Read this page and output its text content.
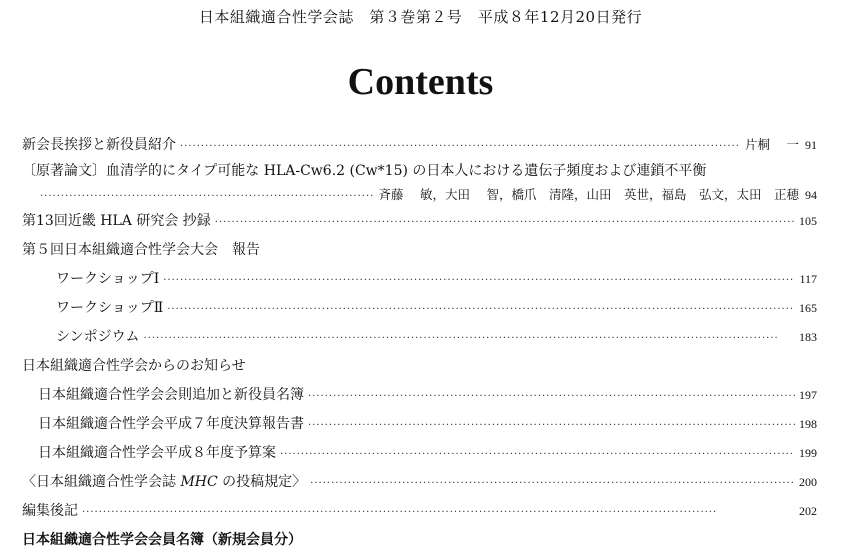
日本組織適合性学会誌　第３巻第２号　平成８年12月20日発行
Contents
新会長挨拶と新役員紹介 ·····	片桐　 一 91
〔原著論文〕血清学的にタイプ可能な HLA-Cw6.2 (Cw*15) の日本人における遺伝子頻度および連鎖不平衡
·····
斉藤　 敏，大田　 智，橋爪　清隆，山田　英世，福島　弘文，太田　正穂 94
第13回近畿 HLA 研究会 抄録 ·····	105
第５回日本組織適合性学会大会　報告
ワークショップⅠ ·····	117
ワークショップⅡ ·····	165
シンポジウム ·····	183
日本組織適合性学会からのお知らせ
日本組織適合性学会会則追加と新役員名簿 ·····	197
日本組織適合性学会平成７年度決算報告書 ·····	198
日本組織適合性学会平成８年度予算案 ·····	199
〈日本組織適合性学会誌 MHC の投稿規定〉 ·····	200
編集後記 ·····	202
日本組織適合性学会会員名簿（新規会員分）
